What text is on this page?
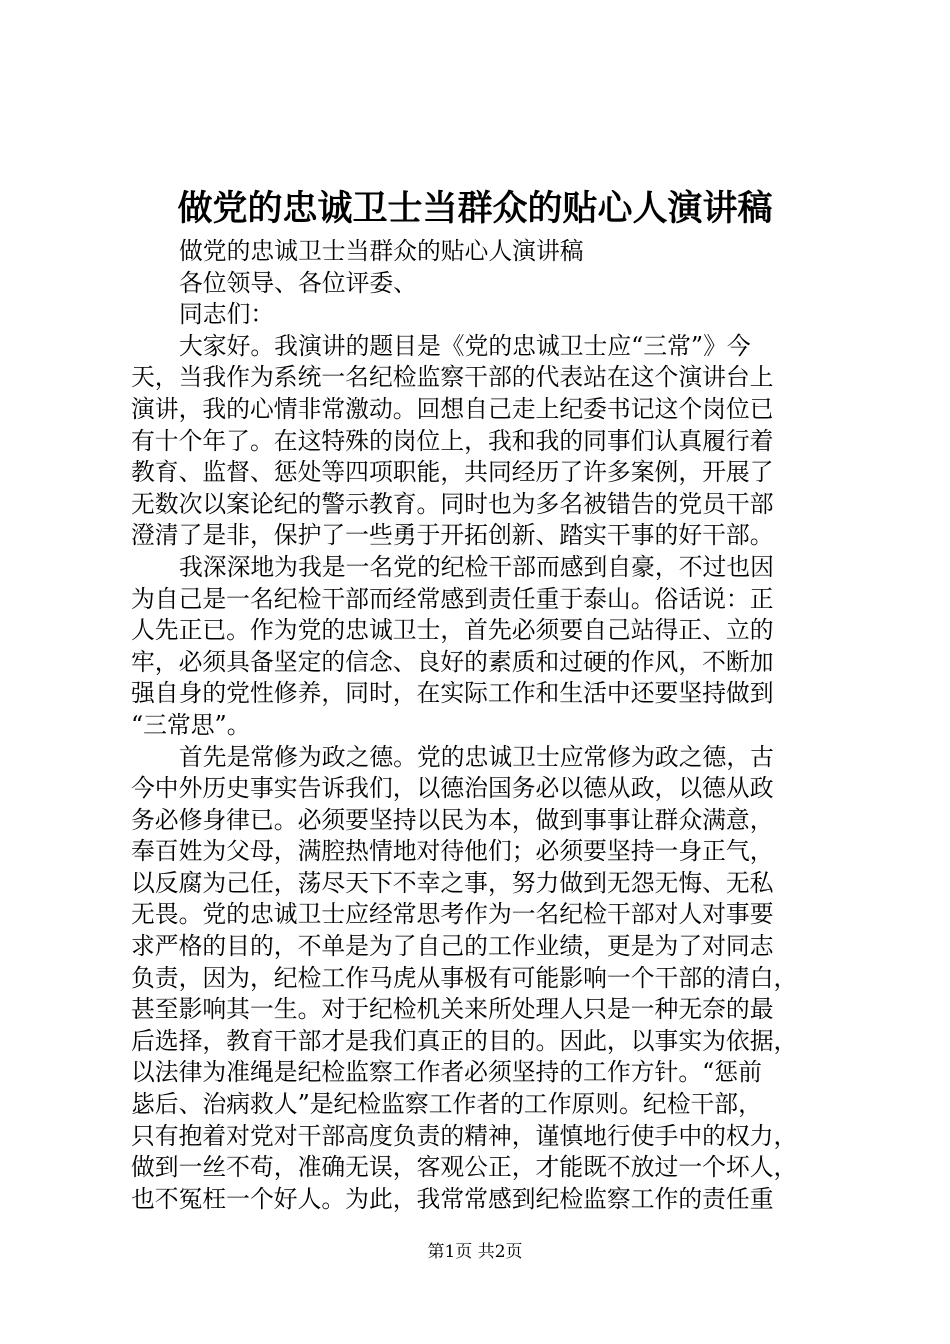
做党的忠诚卫士当群众的贴心人演讲稿

做党的忠诚卫士当群众的贴心人演讲稿

各位领导、各位评委、

同志们：

大家好。我演讲的题目是《党的忠诚卫士应“三常”》今

天，当我作为系统一名纪检监察干部的代表站在这个演讲台上

演讲，我的心情非常激动。回想自己走上纪委书记这个岗位已

有十个年了。在这特殊的岗位上，我和我的同事们认真履行着

教育、监督、惩处等四项职能，共同经历了许多案例，开展了

无数次以案论纪的警示教育。同时也为多名被错告的党员干部

澄清了是非，保护了一些勇于开拓创新、踏实干事的好干部。

我深深地为我是一名党的纪检干部而感到自豪，不过也因

为自己是一名纪检干部而经常感到责任重于泰山。俗话说：正

人先正已。作为党的忠诚卫士，首先必须要自己站得正、立的

牢，必须具备坚定的信念、良好的素质和过硬的作风，不断加

强自身的党性修养，同时，在实际工作和生活中还要坚持做到

“三常思”。

首先是常修为政之德。党的忠诚卫士应常修为政之德，古

今中外历史事实告诉我们，以德治国务必以德从政，以德从政

务必修身律已。必须要坚持以民为本，做到事事让群众满意，

奉百姓为父母，满腔热情地对待他们；必须要坚持一身正气，

以反腐为己任，荡尽天下不幸之事，努力做到无怨无悔、无私

无畏。党的忠诚卫士应经常思考作为一名纪检干部对人对事要

求严格的目的，不单是为了自己的工作业绩，更是为了对同志

负责，因为，纪检工作马虎从事极有可能影响一个干部的清白，

甚至影响其一生。对于纪检机关来所处理人只是一种无奈的最

后选择，教育干部才是我们真正的目的。因此，以事实为依据，

以法律为准绳是纪检监察工作者必须坚持的工作方针。“惩前

毖后、治病救人”是纪检监察工作者的工作原则。纪检干部，

只有抱着对党对干部高度负责的精神，谨慎地行使手中的权力，

做到一丝不苟，准确无误，客观公正，才能既不放过一个坏人，

也不冤枉一个好人。为此，我常常感到纪检监察工作的责任重

第1页 共2页
